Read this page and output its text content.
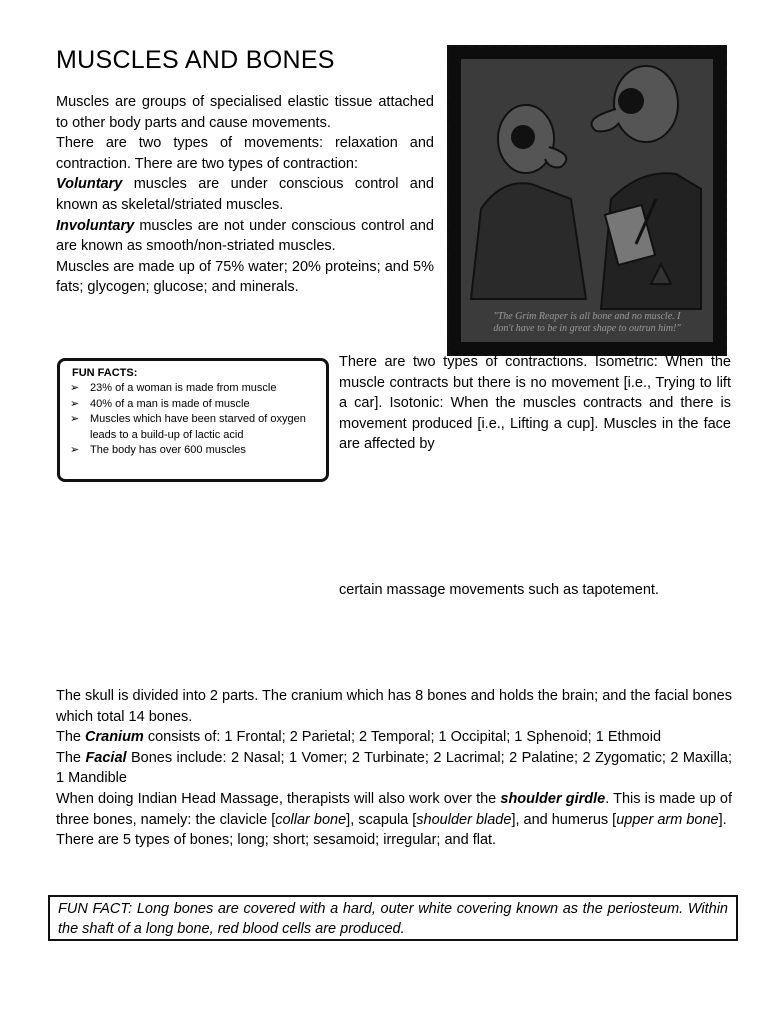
MUSCLES AND BONES

Muscles are groups of specialised elastic tissue attached to other body parts and cause movements.

There are two types of movements: relaxation and contraction. There are two types of contraction:

Voluntary muscles are under conscious control and known as skeletal/striated muscles.

Involuntary muscles are not under conscious control and are known as smooth/non-striated muscles.

Muscles are made up of 75% water; 20% proteins; and 5% fats; glycogen; glucose; and minerals.

"The Grim Reaper is all bone and no muscle. I don't have to be in great shape to outrun him!"
FUN FACTS:
➢ 23% of a woman is made from muscle
➢ 40% of a man is made of muscle
➢ Muscles which have been starved of oxygen leads to a build-up of lactic acid
➢ The body has over 600 muscles
There are two types of contractions. Isometric: When the muscle contracts but there is no movement [i.e., Trying to lift a car]. Isotonic: When the muscles contracts and there is movement produced [i.e., Lifting a cup]. Muscles in the face are affected by
certain massage movements such as tapotement.

The skull is divided into 2 parts. The cranium which has 8 bones and holds the brain; and the facial bones which total 14 bones.

The Cranium consists of: 1 Frontal; 2 Parietal; 2 Temporal; 1 Occipital; 1 Sphenoid; 1 Ethmoid

The Facial Bones include: 2 Nasal; 1 Vomer; 2 Turbinate; 2 Lacrimal; 2 Palatine; 2 Zygomatic; 2 Maxilla; 1 Mandible

When doing Indian Head Massage, therapists will also work over the shoulder girdle. This is made up of three bones, namely: the clavicle [collar bone], scapula [shoulder blade], and humerus [upper arm bone].

There are 5 types of bones; long; short; sesamoid; irregular; and flat.

FUN FACT: Long bones are covered with a hard, outer white covering known as the periosteum. Within the shaft of a long bone, red blood cells are produced.
